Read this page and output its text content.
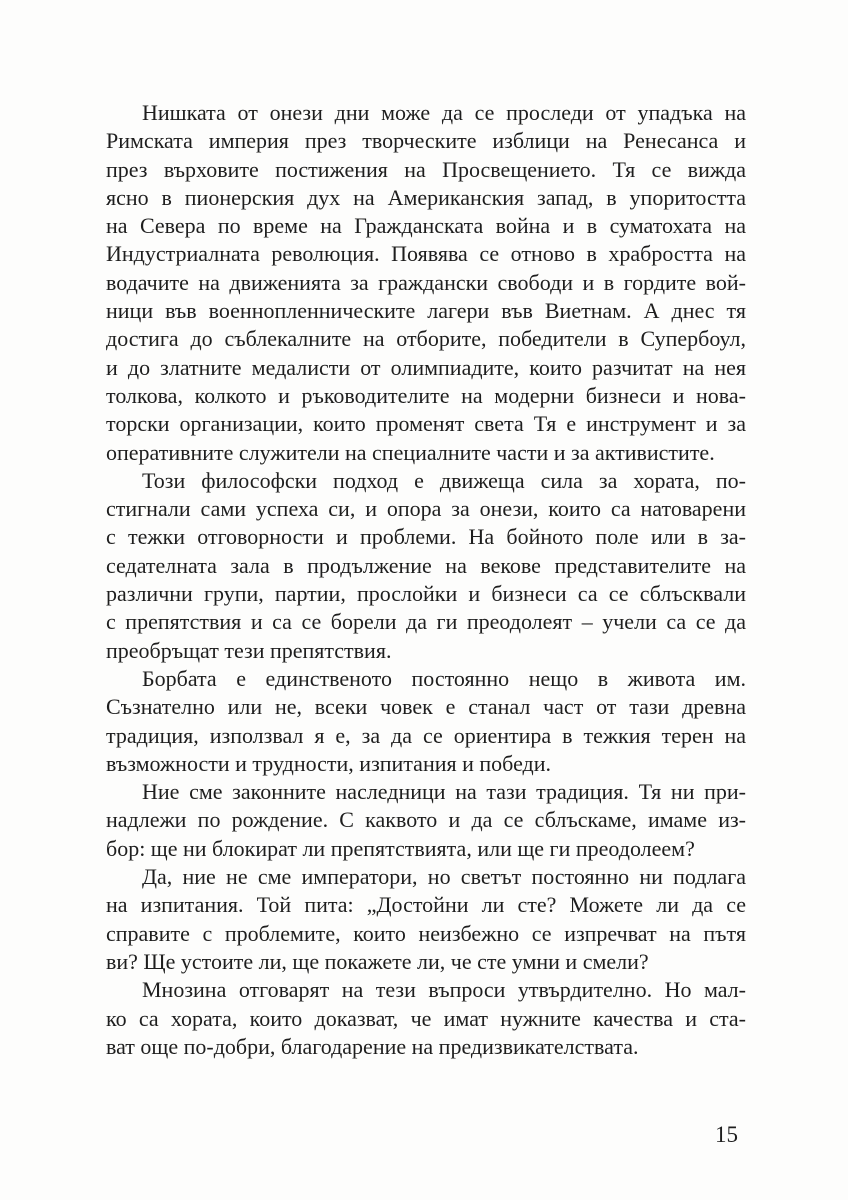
Нишката от онези дни може да се проследи от упадъка на
Римската империя през творческите изблици на Ренесанса и
през върховите постижения на Просвещението. Тя се вижда
ясно в пионерския дух на Американския запад, в упоритостта
на Севера по време на Гражданската война и в суматохата на
Индустриалната революция. Появява се отново в храбростта на
водачите на движенията за граждански свободи и в гордите вой-
ници във военнопленническите лагери във Виетнам. А днес тя
достига до съблекалните на отборите, победители в Супербоул,
и до златните медалисти от олимпиадите, които разчитат на нея
толкова, колкото и ръководителите на модерни бизнеси и нова-
торски организации, които променят света Тя е инструмент и за
оперативните служители на специалните части и за активистите.
Този философски подход е движеща сила за хората, по-
стигнали сами успеха си, и опора за онези, които са натоварени
с тежки отговорности и проблеми. На бойното поле или в за-
седателната зала в продължение на векове представителите на
различни групи, партии, прослойки и бизнеси са се сблъсквали
с препятствия и са се борели да ги преодолеят – учели са се да
преобръщат тези препятствия.
Борбата е единственото постоянно нещо в живота им.
Съзнателно или не, всеки човек е станал част от тази древна
традиция, използвал я е, за да се ориентира в тежкия терен на
възможности и трудности, изпитания и победи.
Ние сме законните наследници на тази традиция. Тя ни при-
надлежи по рождение. С каквото и да се сблъскаме, имаме из-
бор: ще ни блокират ли препятствията, или ще ги преодолеем?
Да, ние не сме императори, но светът постоянно ни подлага
на изпитания. Той пита: „Достойни ли сте? Можете ли да се
справите с проблемите, които неизбежно се изпречват на пътя
ви? Ще устоите ли, ще покажете ли, че сте умни и смели?
Мнозина отговарят на тези въпроси утвърдително. Но мал-
ко са хората, които доказват, че имат нужните качества и ста-
ват още по-добри, благодарение на предизвикателствата.
15
